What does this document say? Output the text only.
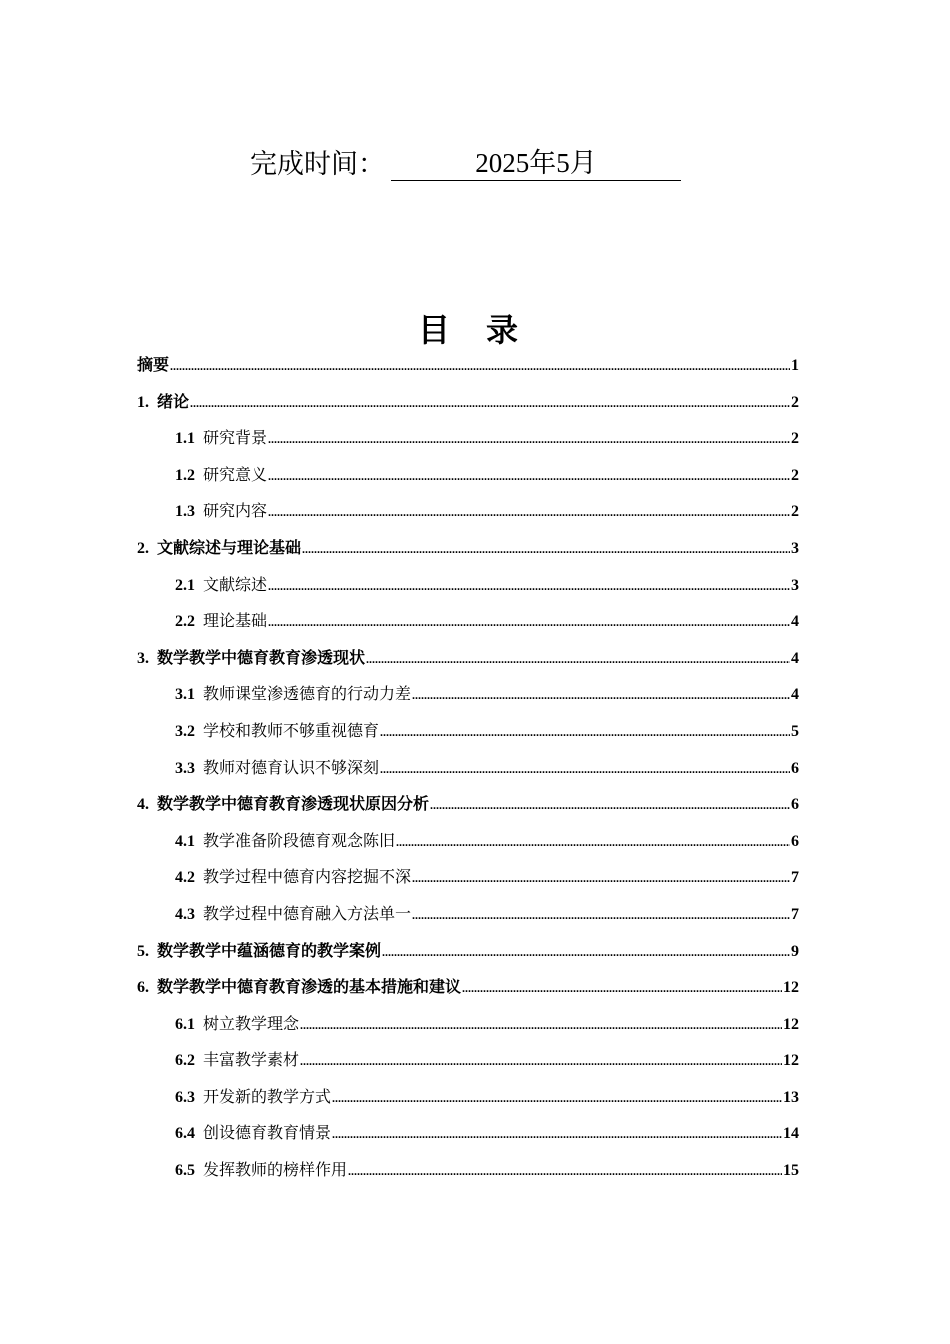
完成时间：	2025年5月
目 录
摘要 .....	1
1. 绪论 .....	2
1.1 研究背景 .....	2
1.2 研究意义 .....	2
1.3 研究内容 .....	2
2. 文献综述与理论基础 .....	3
2.1 文献综述 .....	3
2.2 理论基础 .....	4
3. 数学教学中德育教育渗透现状 .....	4
3.1 教师课堂渗透德育的行动力差 .....	4
3.2 学校和教师不够重视德育 .....	5
3.3 教师对德育认识不够深刻 .....	6
4. 数学教学中德育教育渗透现状原因分析 .....	6
4.1 教学准备阶段德育观念陈旧 .....	6
4.2 教学过程中德育内容挖掘不深 .....	7
4.3 教学过程中德育融入方法单一 .....	7
5. 数学教学中蕴涵德育的教学案例 .....	9
6. 数学教学中德育教育渗透的基本措施和建议 .....	12
6.1 树立教学理念 .....	12
6.2 丰富教学素材 .....	12
6.3 开发新的教学方式 .....	13
6.4 创设德育教育情景 .....	14
6.5 发挥教师的榜样作用 .....	15
